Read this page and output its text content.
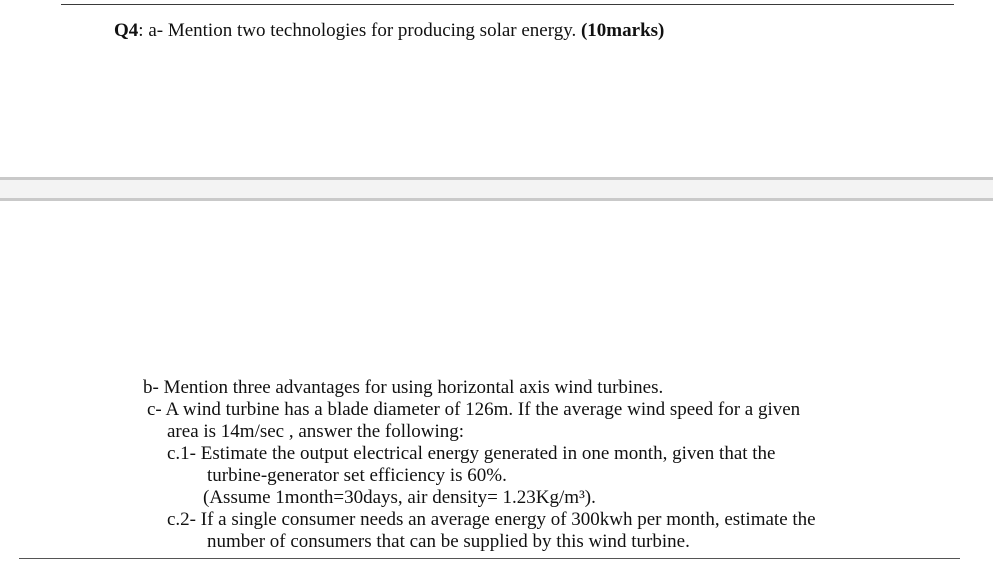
Q4: a- Mention two technologies for producing solar energy. (10marks)
b- Mention three advantages for using horizontal axis wind turbines.
c- A wind turbine has a blade diameter of 126m. If the average wind speed for a given
area is 14m/sec , answer the following:
c.1- Estimate the output electrical energy generated in one month, given that the
turbine-generator set efficiency is 60%.
(Assume 1month=30days, air density= 1.23Kg/m³).
c.2- If a single consumer needs an average energy of 300kwh per month, estimate the
number of consumers that can be supplied by this wind turbine.
